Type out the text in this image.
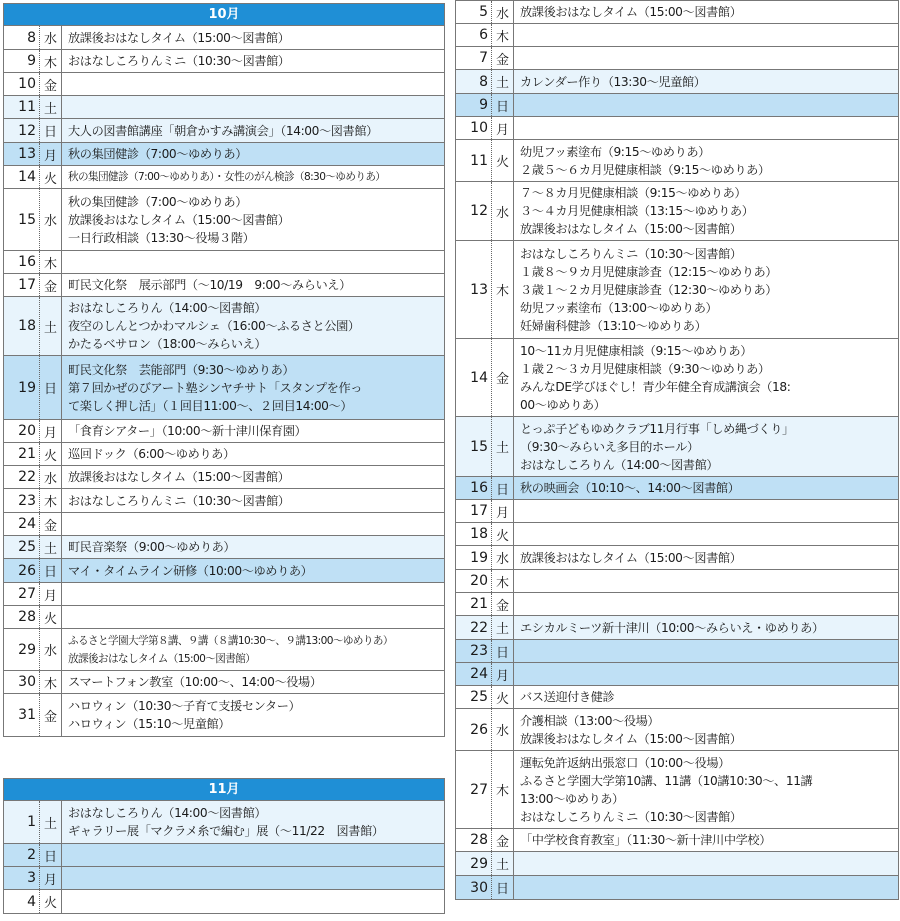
10月
8 水 放課後おはなしタイム（15:00～図書館）
9 木 おはなしころりんミニ（10:30～図書館）
10 金
11 土
12 日 大人の図書館講座「朝倉かすみ講演会」（14:00～図書館）
13 月 秋の集団健診（7:00～ゆめりあ）
14 火	秋の集団健診（7:00～ゆめりあ）・女性のがん検診（8:30～ゆめりあ）
15 水
秋の集団健診（7:00～ゆめりあ）
放課後おはなしタイム（15:00～図書館）
一日行政相談（13:30～役場３階）
16 木
17 金 町民文化祭　展示部門（～10/19　9:00～みらいえ）
18 土
おはなしころりん（14:00～図書館）
夜空のしんとつかわマルシェ（16:00～ふるさと公園）
かたるべサロン（18:00～みらいえ）
19 日
町民文化祭　芸能部門（9:30～ゆめりあ）
第７回かぜのびアート塾シンヤチサト「スタンプを作っ
て楽しく押し活」（１回目11:00～、２回目14:00～）
20 月 「食育シアター」（10:00～新十津川保育園）
21 火 巡回ドック（6:00～ゆめりあ）
22 水 放課後おはなしタイム（15:00～図書館）
23 木 おはなしころりんミニ（10:30～図書館）
24 金
25 土 町民音楽祭（9:00～ゆめりあ）
26 日 マイ・タイムライン研修（10:00～ゆめりあ）
27 月
28 火
29 水
ふるさと学園大学第８講、９講（８講10:30～、９講13:00～ゆめりあ）
放課後おはなしタイム（15:00～図書館）
30 木 スマートフォン教室（10:00～、14:00～役場）
31 金
ハロウィン（10:30～子育て支援センター）
ハロウィン（15:10～児童館）
11月
1 土
おはなしころりん（14:00～図書館）
ギャラリー展「マクラメ糸で編む」展（～11/22　図書館）
2 日
3 月
4 火
5 水 放課後おはなしタイム（15:00～図書館）
6 木
7 金
8 土 カレンダー作り（13:30～児童館）
9 日
10 月
11 火
幼児フッ素塗布（9:15～ゆめりあ）
２歳５～６カ月児健康相談（9:15～ゆめりあ）
12 水
７～８カ月児健康相談（9:15～ゆめりあ）
３～４カ月児健康相談（13:15～ゆめりあ）
放課後おはなしタイム（15:00～図書館）
13 木
おはなしころりんミニ（10:30～図書館）
１歳８～９カ月児健康診査（12:15～ゆめりあ）
３歳１～２カ月児健康診査（12:30～ゆめりあ）
幼児フッ素塗布（13:00～ゆめりあ）
妊婦歯科健診（13:10～ゆめりあ）
14 金
10～11カ月児健康相談（9:15～ゆめりあ）
１歳２～３カ月児健康相談（9:30～ゆめりあ）
みんなDE学びほぐし！青少年健全育成講演会（18:
00～ゆめりあ）
15 土
とっぷ子どもゆめクラブ11月行事「しめ縄づくり」
（9:30～みらいえ多目的ホール）
おはなしころりん（14:00～図書館）
16 日 秋の映画会（10:10～、14:00～図書館）
17 月
18 火
19 水 放課後おはなしタイム（15:00～図書館）
20 木
21 金
22 土 エシカルミーツ新十津川（10:00～みらいえ・ゆめりあ）
23 日
24 月
25 火 バス送迎付き健診
26 水
介護相談（13:00～役場）
放課後おはなしタイム（15:00～図書館）
27 木
運転免許返納出張窓口（10:00～役場）
ふるさと学園大学第10講、11講（10講10:30～、11講
13:00～ゆめりあ）
おはなしころりんミニ（10:30～図書館）
28 金 「中学校食育教室」（11:30～新十津川中学校）
29 土
30 日
